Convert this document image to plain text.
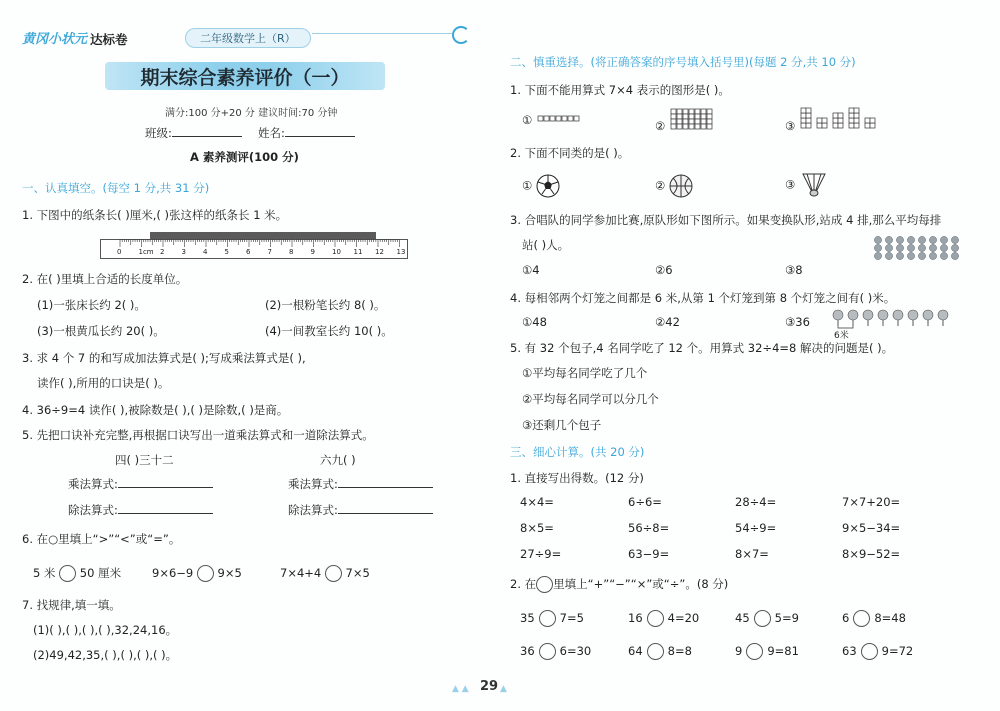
黄冈小状元 达标卷	二年级数学上（R）
期末综合素养评价（一）
满分:100 分+20 分 建议时间:70 分钟
班级:	姓名:
A 素养测评(100 分)
一、认真填空。(每空 1 分,共 31 分)
1. 下图中的纸条长( )厘米,( )张这样的纸条长 1 米。
0 1cm 2 3 4 5 6 7 8 9 10 11 12 13
2. 在( )里填上合适的长度单位。
(1)一张床长约 2( )。	(2)一根粉笔长约 8( )。
(3)一根黄瓜长约 20( )。	(4)一间教室长约 10( )。
3. 求 4 个 7 的和写成加法算式是( );写成乘法算式是( ),
读作( ),所用的口诀是( )。
4. 36÷9=4 读作( ),被除数是( ),( )是除数,( )是商。
5. 先把口诀补充完整,再根据口诀写出一道乘法算式和一道除法算式。
四( )三十二	六九( )
乘法算式:	乘法算式:
除法算式:	除法算式:
6. 在○里填上“>”“<”或“=”。
5 米 50 厘米	9×6−9 9×5	7×4+4 7×5
7. 找规律,填一填。
(1)( ),( ),( ),( ),32,24,16。
(2)49,42,35,( ),( ),( ),( )。
二、慎重选择。(将正确答案的序号填入括号里)(每题 2 分,共 10 分)
1. 下面不能用算式 7×4 表示的图形是( )。
①	②	③
2. 下面不同类的是( )。
①	②	③
3. 合唱队的同学参加比赛,原队形如下图所示。如果变换队形,站成 4 排,那么平均每排
站( )人。
①4	②6	③8
4. 每相邻两个灯笼之间都是 6 米,从第 1 个灯笼到第 8 个灯笼之间有( )米。
①48	②42	③36
6米
5. 有 32 个包子,4 名同学吃了 12 个。用算式 32÷4=8 解决的问题是( )。
①平均每名同学吃了几个
②平均每名同学可以分几个
③还剩几个包子
三、细心计算。(共 20 分)
1. 直接写出得数。(12 分)
4×4=	6÷6=	28÷4=	7×7+20=
8×5=	56÷8=	54÷9=	9×5−34=
27÷9=	63−9=	8×7=	8×9−52=
2. 在 里填上“+”“−”“×”或“÷”。(8 分)
35 7=5	16 4=20	45 5=9	6 8=48
36 6=30	64 8=8	9 9=81	63 9=72
▲ ▲ 29 ▲
